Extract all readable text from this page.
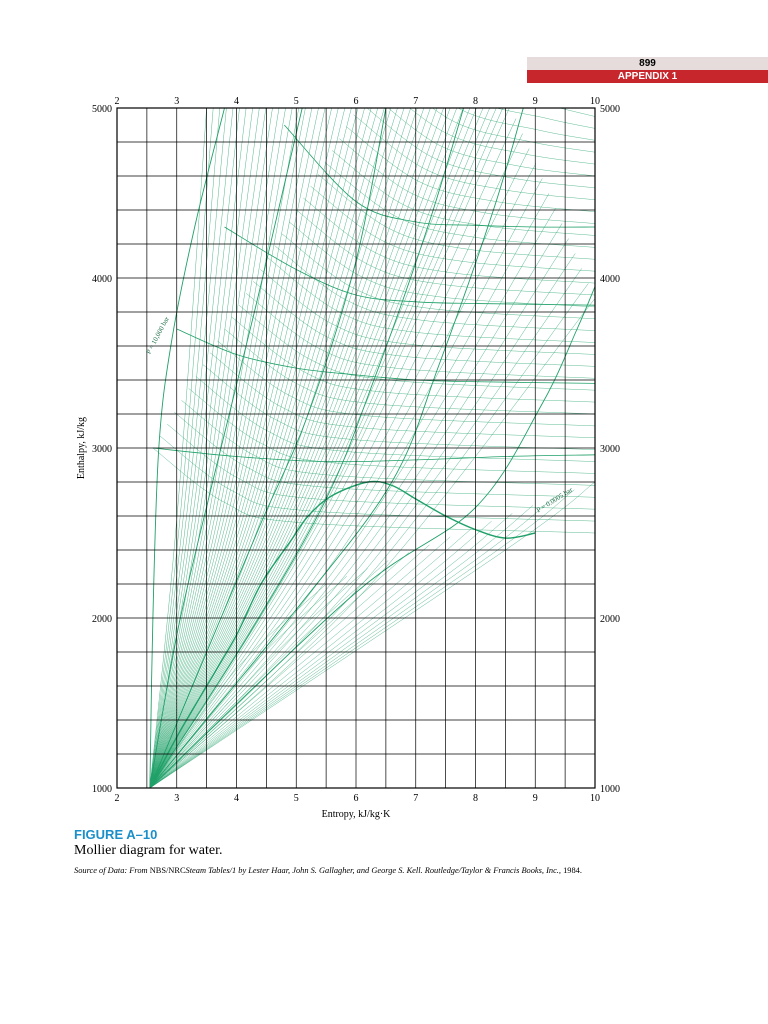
899
APPENDIX 1
2
2
3
3
4
4
5
5
6
6
7
7
8
8
9
9
10
10
1000	1000
2000	2000
3000	3000
4000	4000
5000	5000
P = 10,000 bar
P = 0.0005 bar
Entropy, kJ/kg·K
Enthalpy, kJ/kg
FIGURE A–10
Mollier diagram for water.
Source of Data: From NBS/NRCSteam Tables/1 by Lester Haar, John S. Gallagher, and George S. Kell. Routledge/Taylor & Francis Books, Inc., 1984.
